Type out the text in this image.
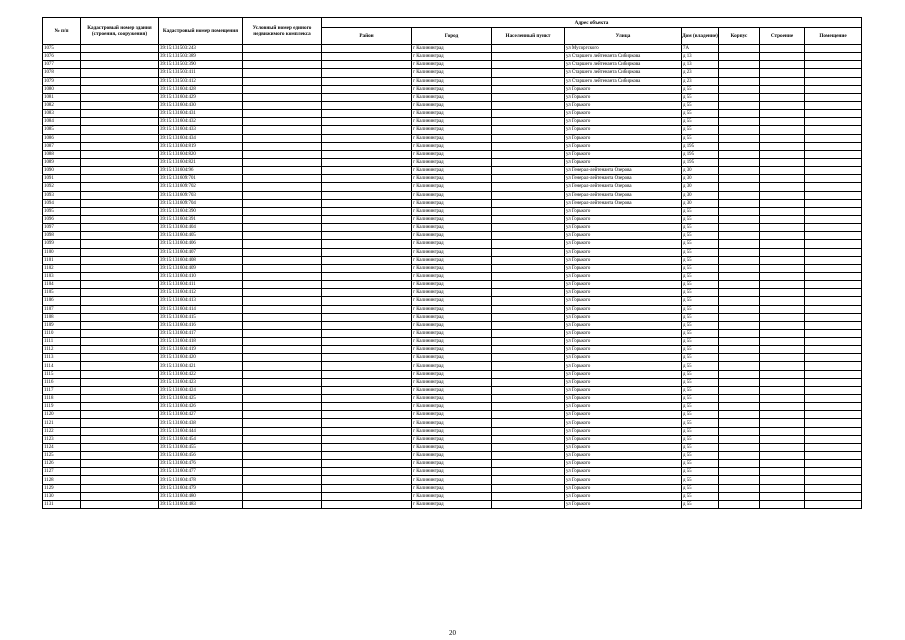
№ п/п	Кадастровый номер здания (строения, сооружения)	Кадастровый номер помещения	Условный номер единого недвижимого комплекса	Адрес объекта							
				Район	Город	Населенный пункт	Улица	Дом (владение)	Корпус	Строение	Помещение
1075		39:15:131503:243			г Калининград		ул Мусоргского	7А			
1076		39:15:131503:389			г Калининград		ул Старшего лейтенанта Сибиркова	д 13			
1077		39:15:131503:390			г Калининград		ул Старшего лейтенанта Сибиркова	д 13			
1078		39:15:131503:411			г Калининград		ул Старшего лейтенанта Сибиркова	д 23			
1079		39:15:131503:412			г Калининград		ул Старшего лейтенанта Сибиркова	д 23			
1080		39:15:131604:428			г Калининград		ул Горького	д 55			
1081		39:15:131604:429			г Калининград		ул Горького	д 55			
1082		39:15:131604:430			г Калининград		ул Горького	д 55			
1083		39:15:131604:431			г Калининград		ул Горького	д 55			
1084		39:15:131604:432			г Калининград		ул Горького	д 55			
1085		39:15:131604:433			г Калининград		ул Горького	д 55			
1086		39:15:131604:434			г Калининград		ул Горького	д 55			
1087		39:15:131604:819			г Калининград		ул Горького	д 195			
1088		39:15:131604:820			г Калининград		ул Горького	д 195			
1089		39:15:131604:821			г Калининград		ул Горького	д 195			
1090		39:15:131604:96			г Калининград		ул Генерал-лейтенанта Озерова	д 30			
1091		39:15:131609:701			г Калининград		ул Генерал-лейтенанта Озерова	д 30			
1092		39:15:131609:702			г Калининград		ул Генерал-лейтенанта Озерова	д 30			
1093		39:15:131609:703			г Калининград		ул Генерал-лейтенанта Озерова	д 30			
1094		39:15:131609:704			г Калининград		ул Генерал-лейтенанта Озерова	д 30			
1095		39:15:131604:390			г Калининград		ул Горького	д 55			
1096		39:15:131604:391			г Калининград		ул Горького	д 55			
1097		39:15:131604:404			г Калининград		ул Горького	д 55			
1098		39:15:131604:405			г Калининград		ул Горького	д 55			
1099		39:15:131604:406			г Калининград		ул Горького	д 55			
1100		39:15:131604:407			г Калининград		ул Горького	д 55			
1101		39:15:131604:408			г Калининград		ул Горького	д 55			
1102		39:15:131604:409			г Калининград		ул Горького	д 55			
1103		39:15:131604:410			г Калининград		ул Горького	д 55			
1104		39:15:131604:411			г Калининград		ул Горького	д 55			
1105		39:15:131604:412			г Калининград		ул Горького	д 55			
1106		39:15:131604:413			г Калининград		ул Горького	д 55			
1107		39:15:131604:414			г Калининград		ул Горького	д 55			
1108		39:15:131604:415			г Калининград		ул Горького	д 55			
1109		39:15:131604:416			г Калининград		ул Горького	д 55			
1110		39:15:131604:417			г Калининград		ул Горького	д 55			
1111		39:15:131604:418			г Калининград		ул Горького	д 55			
1112		39:15:131604:419			г Калининград		ул Горького	д 55			
1113		39:15:131604:420			г Калининград		ул Горького	д 55			
1114		39:15:131604:421			г Калининград		ул Горького	д 55			
1115		39:15:131604:422			г Калининград		ул Горького	д 55			
1116		39:15:131604:423			г Калининград		ул Горького	д 55			
1117		39:15:131604:424			г Калининград		ул Горького	д 55			
1118		39:15:131604:425			г Калининград		ул Горького	д 55			
1119		39:15:131604:426			г Калининград		ул Горького	д 55			
1120		39:15:131604:427			г Калининград		ул Горького	д 55			
1121		39:15:131604:438			г Калининград		ул Горького	д 55			
1122		39:15:131604:444			г Калининград		ул Горького	д 55			
1123		39:15:131604:454			г Калининград		ул Горького	д 55			
1124		39:15:131604:455			г Калининград		ул Горького	д 55			
1125		39:15:131604:456			г Калининград		ул Горького	д 55			
1126		39:15:131604:476			г Калининград		ул Горького	д 55			
1127		39:15:131604:477			г Калининград		ул Горького	д 55			
1128		39:15:131604:478			г Калининград		ул Горького	д 55			
1129		39:15:131604:479			г Калининград		ул Горького	д 55			
1130		39:15:131604:480			г Калининград		ул Горького	д 55			
1131		39:15:131604:483			г Калининград		ул Горького	д 55			
20
